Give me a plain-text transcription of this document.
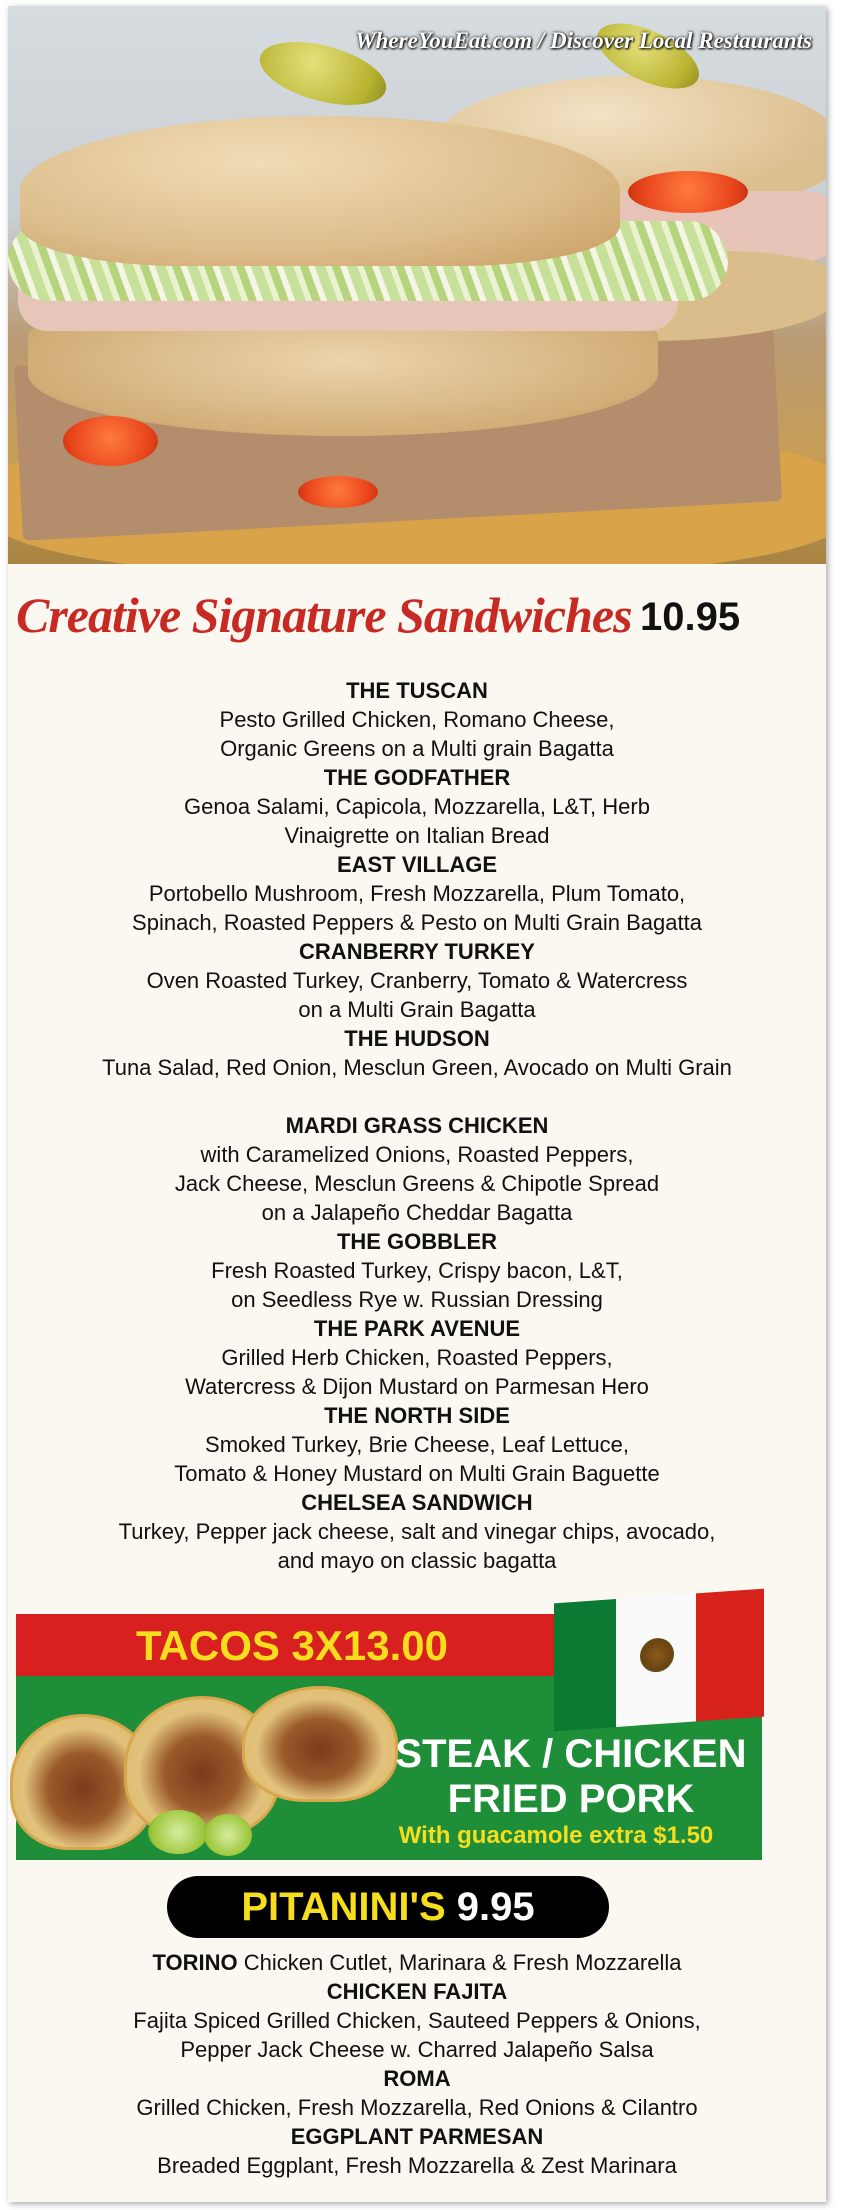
WhereYouEat.com / Discover Local Restaurants
Creative Signature Sandwiches 10.95
THE TUSCAN
Pesto Grilled Chicken, Romano Cheese,
Organic Greens on a Multi grain Bagatta
THE GODFATHER
Genoa Salami, Capicola, Mozzarella, L&T, Herb
Vinaigrette on Italian Bread
EAST VILLAGE
Portobello Mushroom, Fresh Mozzarella, Plum Tomato,
Spinach, Roasted Peppers & Pesto on Multi Grain Bagatta
CRANBERRY TURKEY
Oven Roasted Turkey, Cranberry, Tomato & Watercress
on a Multi Grain Bagatta
THE HUDSON
Tuna Salad, Red Onion, Mesclun Green, Avocado on Multi Grain
MARDI GRASS CHICKEN
with Caramelized Onions, Roasted Peppers,
Jack Cheese, Mesclun Greens & Chipotle Spread
on a Jalapeño Cheddar Bagatta
THE GOBBLER
Fresh Roasted Turkey, Crispy bacon, L&T,
on Seedless Rye w. Russian Dressing
THE PARK AVENUE
Grilled Herb Chicken, Roasted Peppers,
Watercress & Dijon Mustard on Parmesan Hero
THE NORTH SIDE
Smoked Turkey, Brie Cheese, Leaf Lettuce,
Tomato & Honey Mustard on Multi Grain Baguette
CHELSEA SANDWICH
Turkey, Pepper jack cheese, salt and vinegar chips, avocado,
and mayo on classic bagatta
TACOS 3X13.00
STEAK / CHICKEN
FRIED PORK
With guacamole extra $1.50
PITANINI'S 9.95
TORINO Chicken Cutlet, Marinara & Fresh Mozzarella
CHICKEN FAJITA
Fajita Spiced Grilled Chicken, Sauteed Peppers & Onions,
Pepper Jack Cheese w. Charred Jalapeño Salsa
ROMA
Grilled Chicken, Fresh Mozzarella, Red Onions & Cilantro
EGGPLANT PARMESAN
Breaded Eggplant, Fresh Mozzarella & Zest Marinara
